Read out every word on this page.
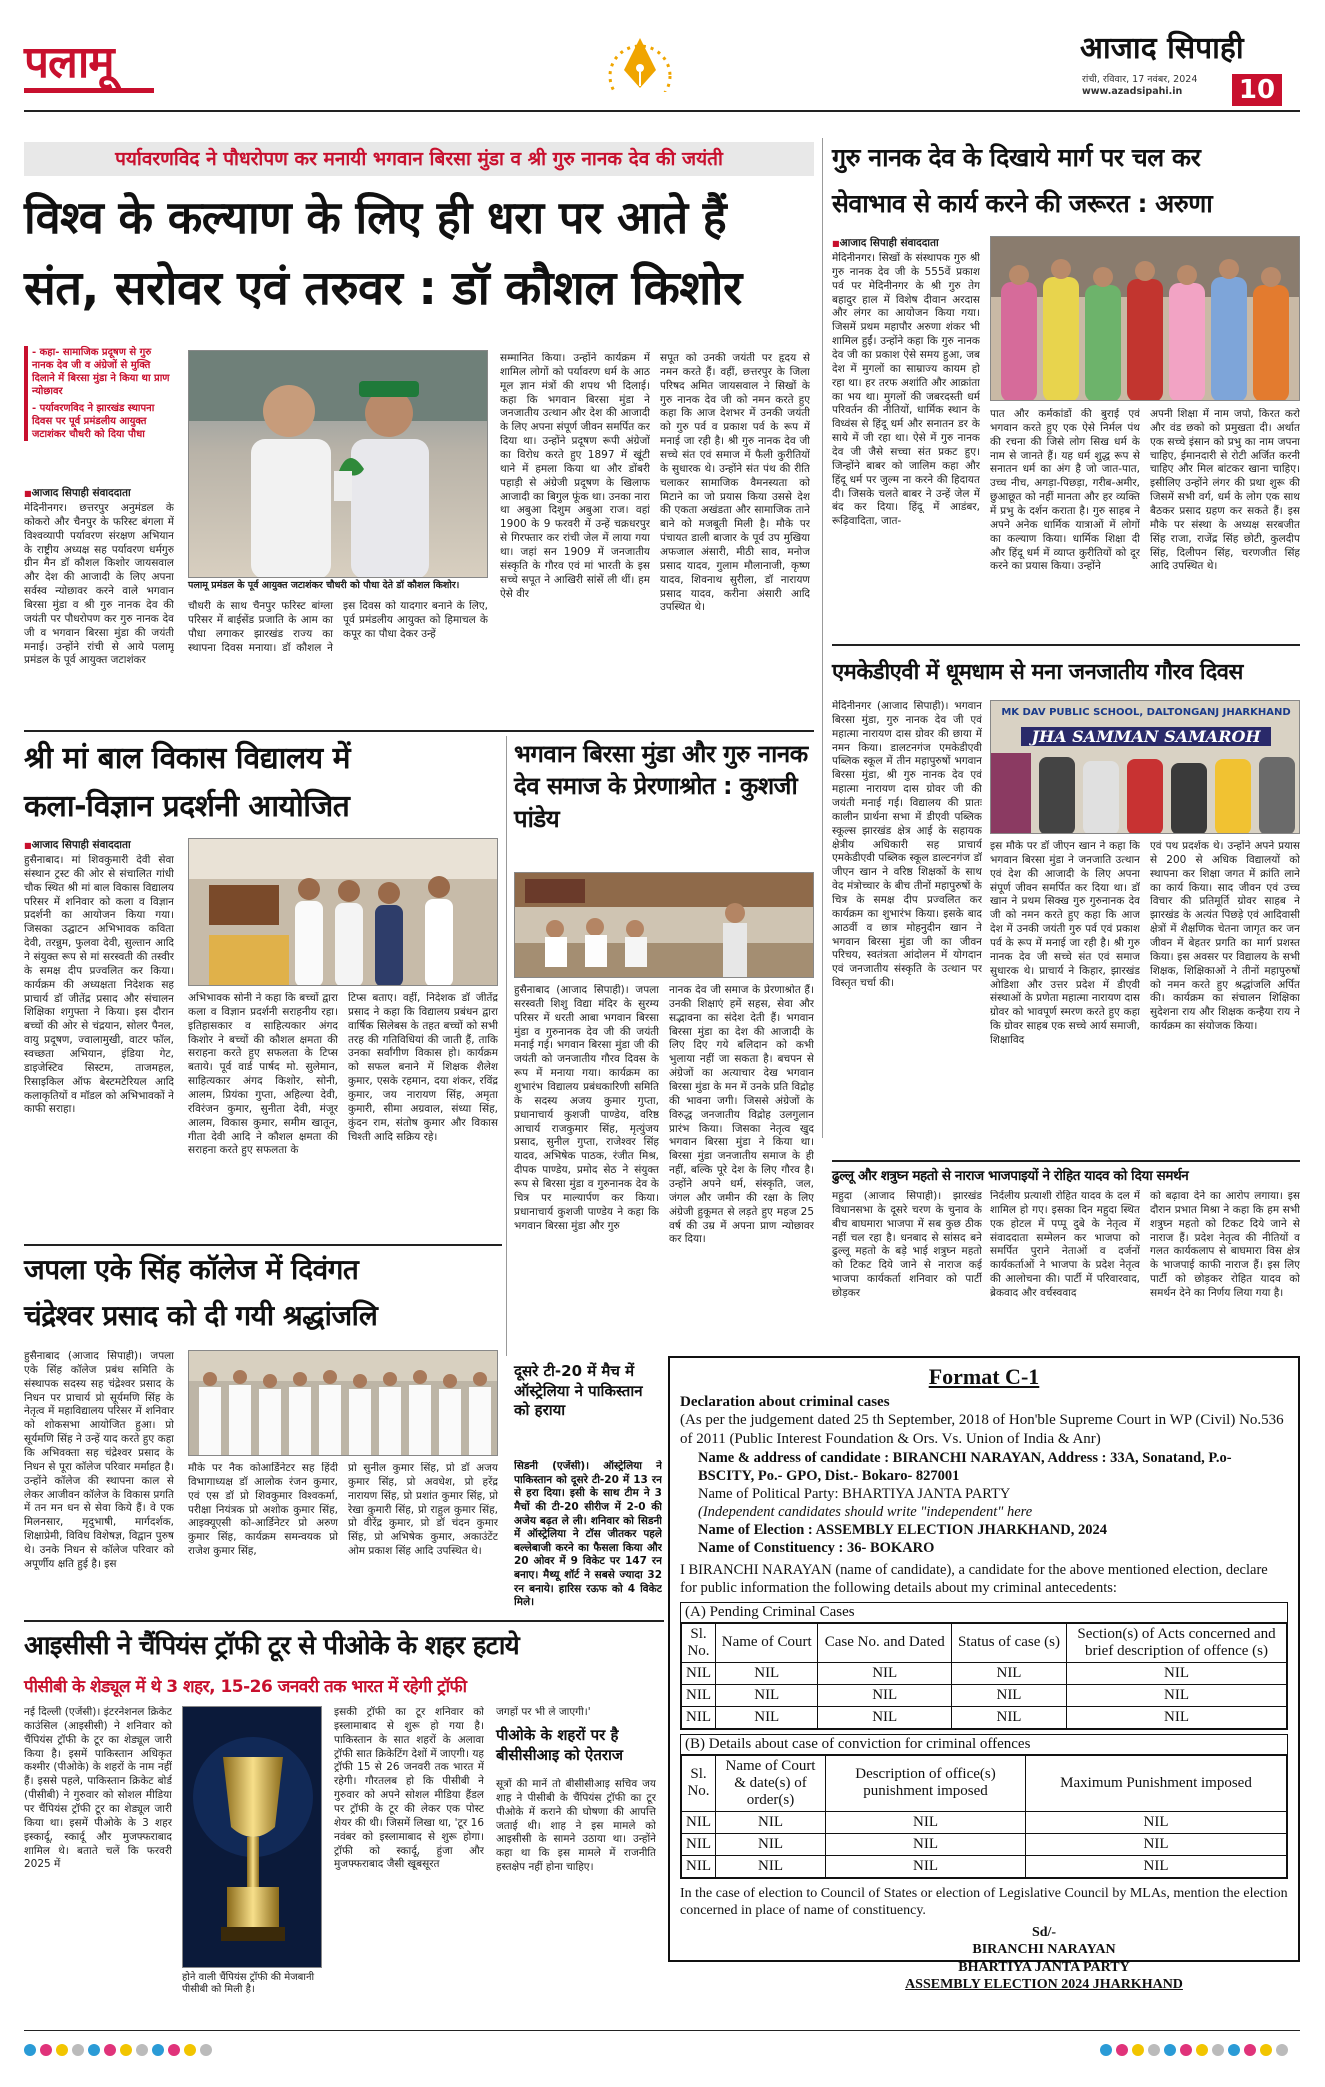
पलामू	आजाद सिपाही
रांची, रविवार, 17 नवंबर, 2024
www.azadsipahi.in 10
पर्यावरणविद ने पौधरोपण कर मनायी भगवान बिरसा मुंडा व श्री गुरु नानक देव की जयंती
विश्व के कल्याण के लिए ही धरा पर आते हैं
संत, सरोवर एवं तरुवर : डॉ कौशल किशोर
- कहा- सामाजिक प्रदूषण से गुरु नानक देव जी व अंग्रेजों से मुक्ति दिलाने में बिरसा मुंडा ने किया था प्राण न्योछावर
- पर्यावरणविद ने झारखंड स्थापना दिवस पर पूर्व प्रमंडलीय आयुक्त जटाशंकर चौधरी को दिया पौधा
■ आजाद सिपाही संवाददाता
मेदिनीनगर। छत्तरपुर अनुमंडल के कोकरो और चैनपुर के फरिस्ट बंगला में विश्वव्यापी पर्यावरण संरक्षण अभियान के राष्ट्रीय अध्यक्ष सह पर्यावरण धर्मगुरु ग्रीन मैन डॉ कौशल किशोर जायसवाल और देश की आजादी के लिए अपना सर्वस्व न्योछावर करने वाले भगवान बिरसा मुंडा व श्री गुरु नानक देव की जयंती पर पौधरोपण कर गुरु नानक देव जी व भगवान बिरसा मुंडा की जयंती मनाई। उन्होंने रांची से आये पलामू प्रमंडल के पूर्व आयुक्त जटाशंकर
पलामू प्रमंडल के पूर्व आयुक्त जटाशंकर चौधरी को पौधा देते डॉ कौशल किशोर।
चौधरी के साथ चैनपुर फरिस्ट बांग्ला परिसर में बाईसेंड प्रजाति के आम का पौधा लगाकर झारखंड राज्य का स्थापना दिवस मनाया। डॉ कौशल ने इस दिवस को यादगार बनाने के लिए, पूर्व प्रमंडलीय आयुक्त को हिमाचल के कपूर का पौधा देकर उन्हें
सम्मानित किया। उन्होंने कार्यक्रम में शामिल लोगों को पर्यावरण धर्म के आठ मूल ज्ञान मंत्रों की शपथ भी दिलाई। कहा कि भगवान बिरसा मुंडा ने जनजातीय उत्थान और देश की आजादी के लिए अपना संपूर्ण जीवन समर्पित कर दिया था। उन्होंने प्रदूषण रूपी अंग्रेजों का विरोध करते हुए 1897 में खूंटी थाने में हमला किया था और डोंबरी पहाड़ी से अंग्रेजी प्रदूषण के खिलाफ आजादी का बिगुल फूंक था। उनका नारा था अबुआ दिशुम अबुआ राज। वहां 1900 के 9 फरवरी में उन्हें चक्रधरपुर से गिरफ्तार कर रांची जेल में लाया गया था। जहां सन 1909 में जनजातीय संस्कृति के गौरव एवं मां भारती के इस सच्चे सपूत ने आखिरी सांसें ली थीं। हम ऐसे वीर
सपूत को उनकी जयंती पर हृदय से नमन करते हैं। वहीं, छत्तरपुर के जिला परिषद अमित जायसवाल ने सिखों के गुरु नानक देव जी को नमन करते हुए कहा कि आज देशभर में उनकी जयंती को गुरु पर्व व प्रकाश पर्व के रूप में मनाई जा रही है। श्री गुरु नानक देव जी सच्चे संत एवं समाज में फैली कुरीतियों के सुधारक थे। उन्होंने संत पंथ की रीति चलाकर सामाजिक वैमनस्यता को मिटाने का जो प्रयास किया उससे देश की एकता अखंडता और सामाजिक ताने बाने को मजबूती मिली है। मौके पर पंचायत डाली बाजार के पूर्व उप मुखिया अफजाल अंसारी, मीठी साव, मनोज प्रसाद यादव, गुलाम मौलानाजी, कृष्ण यादव, शिवनाथ सुरीला, डॉ नारायण प्रसाद यादव, करीना अंसारी आदि उपस्थित थे।
गुरु नानक देव के दिखाये मार्ग पर चल कर
सेवाभाव से कार्य करने की जरूरत : अरुणा
■ आजाद सिपाही संवाददाता
मेदिनीनगर। सिखों के संस्थापक गुरु श्री गुरु नानक देव जी के 555वें प्रकाश पर्व पर मेदिनीनगर के श्री गुरु तेग बहादुर हाल में विशेष दीवान अरदास और लंगर का आयोजन किया गया। जिसमें प्रथम महापौर अरुणा शंकर भी शामिल हुईं। उन्होंने कहा कि गुरु नानक देव जी का प्रकाश ऐसे समय हुआ, जब देश में मुगलों का साम्राज्य कायम हो रहा था। हर तरफ अशांति और आक्रांता का भय था। मुगलों की जबरदस्ती धर्म परिवर्तन की नीतियों, धार्मिक स्थान के विध्वंस से हिंदू धर्म और सनातन डर के साये में जी रहा था। ऐसे में गुरु नानक देव जी जैसे सच्चा संत प्रकट हुए। जिन्होंने बाबर को जालिम कहा और हिंदू धर्म पर जुल्म ना करने की हिदायत दी। जिसके चलते बाबर ने उन्हें जेल में बंद कर दिया। हिंदू में आडंबर, रूढ़िवादिता, जात-
पात और कर्मकांडों की बुराई एवं भगवान करते हुए एक ऐसे निर्मल पंथ की रचना की जिसे लोग सिख धर्म के नाम से जानते हैं। यह धर्म शुद्ध रूप से सनातन धर्म का अंग है जो जात-पात, उच्च नीच, अगड़ा-पिछड़ा, गरीब-अमीर, छुआछूत को नहीं मानता और हर व्यक्ति में प्रभु के दर्शन कराता है। गुरु साहब ने अपने अनेक धार्मिक यात्राओं में लोगों का कल्याण किया। धार्मिक शिक्षा दी और हिंदू धर्म में व्याप्त कुरीतियों को दूर करने का प्रयास किया। उन्होंने
अपनी शिक्षा में नाम जपो, किरत करो और वंड छको को प्रमुखता दी। अर्थात एक सच्चे इंसान को प्रभु का नाम जपना चाहिए, ईमानदारी से रोटी अर्जित करनी चाहिए और मिल बांटकर खाना चाहिए। इसीलिए उन्होंने लंगर की प्रथा शुरू की जिसमें सभी वर्ग, धर्म के लोग एक साथ बैठकर प्रसाद ग्रहण कर सकते हैं। इस मौके पर संस्था के अध्यक्ष सरबजीत सिंह राजा, राजेंद्र सिंह छोटी, कुलदीप सिंह, दिलीपन सिंह, चरणजीत सिंह आदि उपस्थित थे।
एमकेडीएवी में धूमधाम से मना जनजातीय गौरव दिवस
मेदिनीनगर (आजाद सिपाही)। भगवान बिरसा मुंडा, गुरु नानक देव जी एवं महात्मा नारायण दास ग्रोवर की छाया में नमन किया। डालटनगंज एमकेडीएवी पब्लिक स्कूल में तीन महापुरुषों भगवान बिरसा मुंडा, श्री गुरु नानक देव एवं महात्मा नारायण दास ग्रोवर जी की जयंती मनाई गई। विद्यालय की प्रातः कालीन प्रार्थना सभा में डीएवी पब्लिक स्कूल्स झारखंड क्षेत्र आई के सहायक क्षेत्रीय अधिकारी सह प्राचार्य एमकेडीएवी पब्लिक स्कूल डाल्टनगंज डॉ जीएन खान ने वरिष्ठ शिक्षकों के साथ वेद मंत्रोच्चार के बीच तीनों महापुरुषों के चित्र के समक्ष दीप प्रज्वलित कर कार्यक्रम का शुभारंभ किया। इसके बाद आठवीं व छात्र मोहनुदीन खान ने भगवान बिरसा मुंडा जी का जीवन परिचय, स्वतंत्रता आंदोलन में योगदान एवं जनजातीय संस्कृति के उत्थान पर विस्तृत चर्चा की।
MK DAV PUBLIC SCHOOL, DALTONGANJ JHARKHAND
JHA SAMMAN SAMAROH
इस मौके पर डॉ जीएन खान ने कहा कि भगवान बिरसा मुंडा ने जनजाति उत्थान एवं देश की आजादी के लिए अपना संपूर्ण जीवन समर्पित कर दिया था। डॉ खान ने प्रथम सिक्ख गुरु गुरुनानक देव जी को नमन करते हुए कहा कि आज देश में उनकी जयंती गुरु पर्व एवं प्रकाश पर्व के रूप में मनाई जा रही है। श्री गुरु नानक देव जी सच्चे संत एवं समाज सुधारक थे। प्राचार्य ने किहार, झारखंड ओडिशा और उत्तर प्रदेश में डीएवी संस्थाओं के प्रणेता महात्मा नारायण दास ग्रोवर को भावपूर्ण स्मरण करते हुए कहा कि ग्रोवर साहब एक सच्चे आर्य समाजी, शिक्षाविद
एवं पथ प्रदर्शक थे। उन्होंने अपने प्रयास से 200 से अधिक विद्यालयों को स्थापना कर शिक्षा जगत में क्रांति लाने का कार्य किया। साद जीवन एवं उच्च विचार की प्रतिमूर्ति ग्रोवर साहब ने झारखंड के अत्यंत पिछड़े एवं आदिवासी क्षेत्रों में शैक्षणिक चेतना जागृत कर जन जीवन में बेहतर प्रगति का मार्ग प्रशस्त किया। इस अवसर पर विद्यालय के सभी शिक्षक, शिक्षिकाओं ने तीनों महापुरुषों को नमन करते हुए श्रद्धांजलि अर्पित की। कार्यक्रम का संचालन शिक्षिका सुदेशना राय और शिक्षक कन्हैया राय ने कार्यक्रम का संयोजक किया।
ढुल्लू और शत्रुघ्न महतो से नाराज भाजपाइयों ने रोहित यादव को दिया समर्थन
महुदा (आजाद सिपाही)। झारखंड विधानसभा के दूसरे चरण के चुनाव के बीच बाघमारा भाजपा में सब कुछ ठीक नहीं चल रहा है। धनबाद से सांसद बने ढुल्लू महतो के बड़े भाई शत्रुघ्न महतो को टिकट दिये जाने से नाराज कई भाजपा कार्यकर्ता शनिवार को पार्टी छोड़कर
निर्दलीय प्रत्याशी रोहित यादव के दल में शामिल हो गए। इसका दिन महुदा स्थित एक होटल में पप्पू दुबे के नेतृत्व में संवाददाता सम्मेलन कर भाजपा को समर्पित पुराने नेताओं व दर्जनों कार्यकर्ताओं ने भाजपा के प्रदेश नेतृत्व की आलोचना की। पार्टी में परिवारवाद, ब्रेकवाद और वर्चस्ववाद
को बढ़ावा देने का आरोप लगाया। इस दौरान प्रभात मिश्रा ने कहा कि हम सभी शत्रुघ्न महतो को टिकट दिये जाने से नाराज हैं। प्रदेश नेतृत्व की नीतियों व गलत कार्यकलाप से बाघमारा विस क्षेत्र के भाजपाई काफी नाराज हैं। इस लिए पार्टी को छोड़कर रोहित यादव को समर्थन देने का निर्णय लिया गया है।
श्री मां बाल विकास विद्यालय में
कला-विज्ञान प्रदर्शनी आयोजित
■ आजाद सिपाही संवाददाता
हुसैनाबाद। मां शिवकुमारी देवी सेवा संस्थान ट्रस्ट की ओर से संचालित गांधी चौक स्थित श्री मां बाल विकास विद्यालय परिसर में शनिवार को कला व विज्ञान प्रदर्शनी का आयोजन किया गया। जिसका उद्घाटन अभिभावक कविता देवी, तरन्नुम, फुलवा देवी, सुल्तान आदि ने संयुक्त रूप से मां सरस्वती की तस्वीर के समक्ष दीप प्रज्वलित कर किया। कार्यक्रम की अध्यक्षता निदेशक सह प्राचार्य डॉ जीतेंद्र प्रसाद और संचालन शिक्षिका शगुफ्ता ने किया। इस दौरान बच्चों की ओर से चंद्रयान, सोलर पैनल, वायु प्रदूषण, ज्वालामुखी, वाटर फॉल, स्वच्छता अभियान, इंडिया गेट, डाइजेस्टिव सिस्टम, ताजमहल, रिसाइकिल ऑफ बेस्टमटेरियल आदि कलाकृतियों व मॉडल को अभिभावकों ने काफी सराहा।
अभिभावक सोनी ने कहा कि बच्चों द्वारा कला व विज्ञान प्रदर्शनी सराहनीय रहा। इतिहासकार व साहित्यकार अंगद किशोर ने बच्चों की कौशल क्षमता की सराहना करते हुए सफलता के टिप्स बताये। पूर्व वार्ड पार्षद मो. सुलेमान, साहित्यकार अंगद किशोर, सोनी, आलम, प्रियंका गुप्ता, अहिल्या देवी, रविरंजन कुमार, सुनीता देवी, मंजूर आलम, विकास कुमार, समीम खातून, गीता देवी आदि ने कौशल क्षमता की सराहना करते हुए सफलता के
टिप्स बताए। वहीं, निदेशक डॉ जीतेंद्र प्रसाद ने कहा कि विद्यालय प्रबंधन द्वारा वार्षिक सिलेबस के तहत बच्चों को सभी तरह की गतिविधियां की जाती हैं, ताकि उनका सर्वांगीण विकास हो। कार्यक्रम को सफल बनाने में शिक्षक शैलेश कुमार, एसके रहमान, दया शंकर, रविंद्र कुमार, जय नारायण सिंह, अमृता कुमारी, सीमा अग्रवाल, संध्या सिंह, कुंदन राम, संतोष कुमार और विकास चिश्ती आदि सक्रिय रहे।
भगवान बिरसा मुंडा और गुरु नानक देव समाज के प्रेरणाश्रोत : कुशजी पांडेय
हुसैनाबाद (आजाद सिपाही)। जपला सरस्वती शिशु विद्या मंदिर के सुरम्य परिसर में धरती आबा भगवान बिरसा मुंडा व गुरुनानक देव जी की जयंती मनाई गई। भगवान बिरसा मुंडा जी की जयंती को जनजातीय गौरव दिवस के रूप में मनाया गया। कार्यक्रम का शुभारंभ विद्यालय प्रबंधकारिणी समिति के सदस्य अजय कुमार गुप्ता, प्रधानाचार्य कुशजी पाण्डेय, वरिष्ठ आचार्य राजकुमार सिंह, मृत्युंजय प्रसाद, सुनील गुप्ता, राजेश्वर सिंह यादव, अभिषेक पाठक, रंजीत मिश्र, दीपक पाण्डेय, प्रमोद सेठ ने संयुक्त रूप से बिरसा मुंडा व गुरुनानक देव के चित्र पर माल्यार्पण कर किया। प्रधानाचार्य कुशजी पाण्डेय ने कहा कि भगवान बिरसा मुंडा और गुरु
नानक देव जी समाज के प्रेरणाश्रोत हैं। उनकी शिक्षाएं हमें सहस, सेवा और सद्भावना का संदेश देती हैं। भगवान बिरसा मुंडा का देश की आजादी के लिए दिए गये बलिदान को कभी भुलाया नहीं जा सकता है। बचपन से अंग्रेजों का अत्याचार देख भगवान बिरसा मुंडा के मन में उनके प्रति विद्रोह की भावना जगी। जिससे अंग्रेजों के विरुद्ध जनजातीय विद्रोह उलगुलान प्रारंभ किया। जिसका नेतृत्व खुद भगवान बिरसा मुंडा ने किया था। बिरसा मुंडा जनजातीय समाज के ही नहीं, बल्कि पूरे देश के लिए गौरव है। उन्होंने अपने धर्म, संस्कृति, जल, जंगल और जमीन की रक्षा के लिए अंग्रेजी हुकूमत से लड़ते हुए महज 25 वर्ष की उम्र में अपना प्राण न्योछावर कर दिया।
जपला एके सिंह कॉलेज में दिवंगत
चंद्रेश्वर प्रसाद को दी गयी श्रद्धांजलि
हुसैनाबाद (आजाद सिपाही)। जपला एके सिंह कॉलेज प्रबंध समिति के संस्थापक सदस्य सह चंद्रेश्वर प्रसाद के निधन पर प्राचार्य प्रो सूर्यमणि सिंह के नेतृत्व में महाविद्यालय परिसर में शनिवार को शोकसभा आयोजित हुआ। प्रो सूर्यमणि सिंह ने उन्हें याद करते हुए कहा कि अभिवक्ता सह चंद्रेश्वर प्रसाद के निधन से पूरा कॉलेज परिवार मर्माहत है। उन्होंने कॉलेज की स्थापना काल से लेकर आजीवन कॉलेज के विकास प्रगति में तन मन धन से सेवा किये हैं। वे एक मिलनसार, मृदुभाषी, मार्गदर्शक, शिक्षाप्रेमी, विविध विशेषज्ञ, विद्वान पुरुष थे। उनके निधन से कॉलेज परिवार को अपूर्णीय क्षति हुई है। इस
मौके पर नैक कोआर्डिनेटर सह हिंदी विभागाध्यक्ष डॉ आलोक रंजन कुमार, एवं एस डॉ प्रो शिवकुमार विश्वकर्मा, परीक्षा नियंत्रक प्रो अशोक कुमार सिंह, आइक्यूएसी को-आर्डिनेटर प्रो अरुण कुमार सिंह, कार्यक्रम समन्वयक प्रो राजेश कुमार सिंह,
प्रो सुनील कुमार सिंह, प्रो डॉ अजय कुमार सिंह, प्रो अवधेश, प्रो हरेंद्र नारायण सिंह, प्रो प्रशांत कुमार सिंह, प्रो रेखा कुमारी सिंह, प्रो राहुल कुमार सिंह, प्रो वीरेंद्र कुमार, प्रो डॉ चंदन कुमार सिंह, प्रो अभिषेक कुमार, अकाउंटेंट ओम प्रकाश सिंह आदि उपस्थित थे।
दूसरे टी-20 में मैच में ऑस्ट्रेलिया ने पाकिस्तान को हराया
सिडनी (एजेंसी)। ऑस्ट्रेलिया ने पाकिस्तान को दूसरे टी-20 में 13 रन से हरा दिया। इसी के साथ टीम ने 3 मैचों की टी-20 सीरीज में 2-0 की अजेय बढ़त ले ली। शनिवार को सिडनी में ऑस्ट्रेलिया ने टॉस जीतकर पहले बल्लेबाजी करने का फैसला किया और 20 ओवर में 9 विकेट पर 147 रन बनाए। मैथ्यू शॉर्ट ने सबसे ज्यादा 32 रन बनाये। हारिस रऊफ को 4 विकेट मिले।
Format C-1
Declaration about criminal cases
(As per the judgement dated 25 th September, 2018 of Hon'ble Supreme Court in WP (Civil) No.536 of 2011 (Public Interest Foundation & Ors. Vs. Union of India & Anr)
Name & address of candidate : BIRANCHI NARAYAN, Address : 33A, Sonatand, P.o- BSCITY, Po.- GPO, Dist.- Bokaro- 827001
Name of Political Party: BHARTIYA JANTA PARTY
(Independent candidates should write "independent" here
Name of Election : ASSEMBLY ELECTION JHARKHAND, 2024
Name of Constituency : 36- BOKARO
I BIRANCHI NARAYAN (name of candidate), a candidate for the above mentioned election, declare for public information the following details about my criminal antecedents:
(A) Pending Criminal Cases
Sl. No.	Name of Court	Case No. and Dated	Status of case (s)	Section(s) of Acts concerned and brief description of offence (s)
NIL	NIL	NIL	NIL	NIL
NIL	NIL	NIL	NIL	NIL
NIL	NIL	NIL	NIL	NIL
(B) Details about case of conviction for criminal offences
Sl. No.	Name of Court & date(s) of order(s)	Description of office(s) punishment imposed	Maximum Punishment imposed
NIL	NIL	NIL	NIL
NIL	NIL	NIL	NIL
NIL	NIL	NIL	NIL
In the case of election to Council of States or election of Legislative Council by MLAs, mention the election concerned in place of name of constituency.
Sd/-
BIRANCHI NARAYAN
BHARTIYA JANTA PARTY
ASSEMBLY ELECTION 2024 JHARKHAND
आइसीसी ने चैंपियंस ट्रॉफी टूर से पीओके के शहर हटाये
पीसीबी के शेड्यूल में थे 3 शहर, 15-26 जनवरी तक भारत में रहेगी ट्रॉफी
नई दिल्ली (एजेंसी)। इंटरनेशनल क्रिकेट काउंसिल (आइसीसी) ने शनिवार को चैंपियंस ट्रॉफी के टूर का शेड्यूल जारी किया है। इसमें पाकिस्तान अधिकृत कश्मीर (पीओके) के शहरों के नाम नहीं हैं। इससे पहले, पाकिस्तान क्रिकेट बोर्ड (पीसीबी) ने गुरुवार को सोशल मीडिया पर चैंपियंस ट्रॉफी टूर का शेड्यूल जारी किया था। इसमें पीओके के 3 शहर इस्कार्दू, स्कार्दू और मुजफ्फराबाद शामिल थे। बताते चलें कि फरवरी 2025 में
होने वाली चैंपियंस ट्रॉफी की मेजबानी पीसीबी को मिली है।
इसकी ट्रॉफी का टूर शनिवार को इस्लामाबाद से शुरू हो गया है। पाकिस्तान के सात शहरों के अलावा ट्रॉफी सात क्रिकेटिंग देशों में जाएगी। यह ट्रॉफी 15 से 26 जनवरी तक भारत में रहेगी। गौरतलब हो कि पीसीबी ने गुरुवार को अपने सोशल मीडिया हैंडल पर ट्रॉफी के टूर की लेकर एक पोस्ट शेयर की थी। जिसमें लिखा था, 'टूर 16 नवंबर को इस्लामाबाद से शुरू होगा। ट्रॉफी को स्कार्दू, हुंजा और मुजफ्फराबाद जैसी खूबसूरत
जगहों पर भी ले जाएगी।'
पीओके के शहरों पर है बीसीसीआइ को ऐतराज
सूत्रों की मानें तो बीसीसीआइ सचिव जय शाह ने पीसीबी के चैंपियंस ट्रॉफी का टूर पीओके में कराने की घोषणा की आपत्ति जताई थी। शाह ने इस मामले को आइसीसी के सामने उठाया था। उन्होंने कहा था कि इस मामले में राजनीति हस्तक्षेप नहीं होना चाहिए।
